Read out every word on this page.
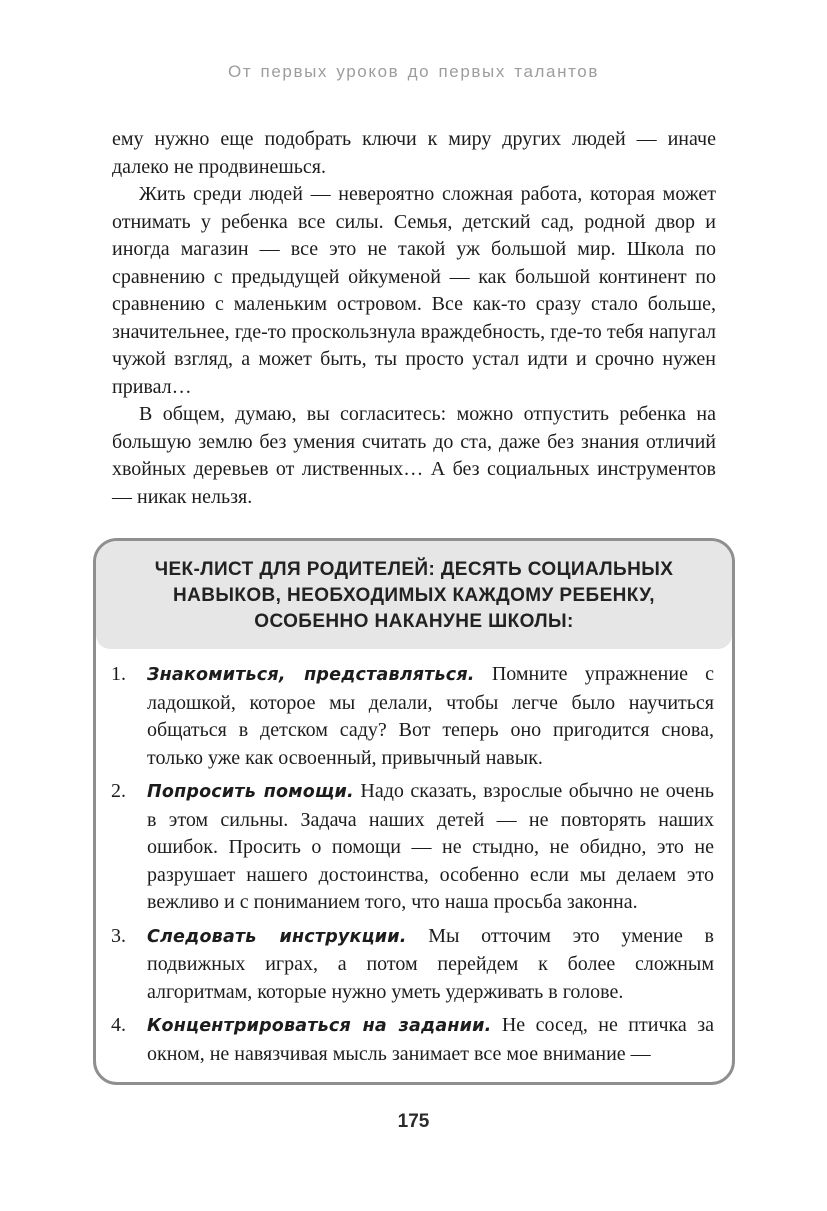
От первых уроков до первых талантов

ему нужно еще подобрать ключи к миру других людей — иначе далеко не продвинешься.

Жить среди людей — невероятно сложная работа, которая может отнимать у ребенка все силы. Семья, детский сад, родной двор и иногда магазин — все это не такой уж большой мир. Школа по сравнению с предыдущей ойкуменой — как большой континент по сравнению с маленьким островом. Все как-то сразу стало больше, значительнее, где-то проскользнула враждебность, где-то тебя напугал чужой взгляд, а может быть, ты просто устал идти и срочно нужен привал…

В общем, думаю, вы согласитесь: можно отпустить ребенка на большую землю без умения считать до ста, даже без знания отличий хвойных деревьев от лиственных… А без социальных инструментов — никак нельзя.

ЧЕК-ЛИСТ ДЛЯ РОДИТЕЛЕЙ: ДЕСЯТЬ СОЦИАЛЬНЫХ НАВЫКОВ, НЕОБХОДИМЫХ КАЖДОМУ РЕБЕНКУ, ОСОБЕННО НАКАНУНЕ ШКОЛЫ:
1.	Знакомиться, представляться. Помните упражнение с ладошкой, которое мы делали, чтобы легче было научиться общаться в детском саду? Вот теперь оно пригодится снова, только уже как освоенный, привычный навык.
2.	Попросить помощи. Надо сказать, взрослые обычно не очень в этом сильны. Задача наших детей — не повторять наших ошибок. Просить о помощи — не стыдно, не обидно, это не разрушает нашего достоинства, особенно если мы делаем это вежливо и с пониманием того, что наша просьба законна.
3.	Следовать инструкции. Мы отточим это умение в подвижных играх, а потом перейдем к более сложным алгоритмам, которые нужно уметь удерживать в голове.
4.	Концентрироваться на задании. Не сосед, не птичка за окном, не навязчивая мысль занимает все мое внимание —
175
